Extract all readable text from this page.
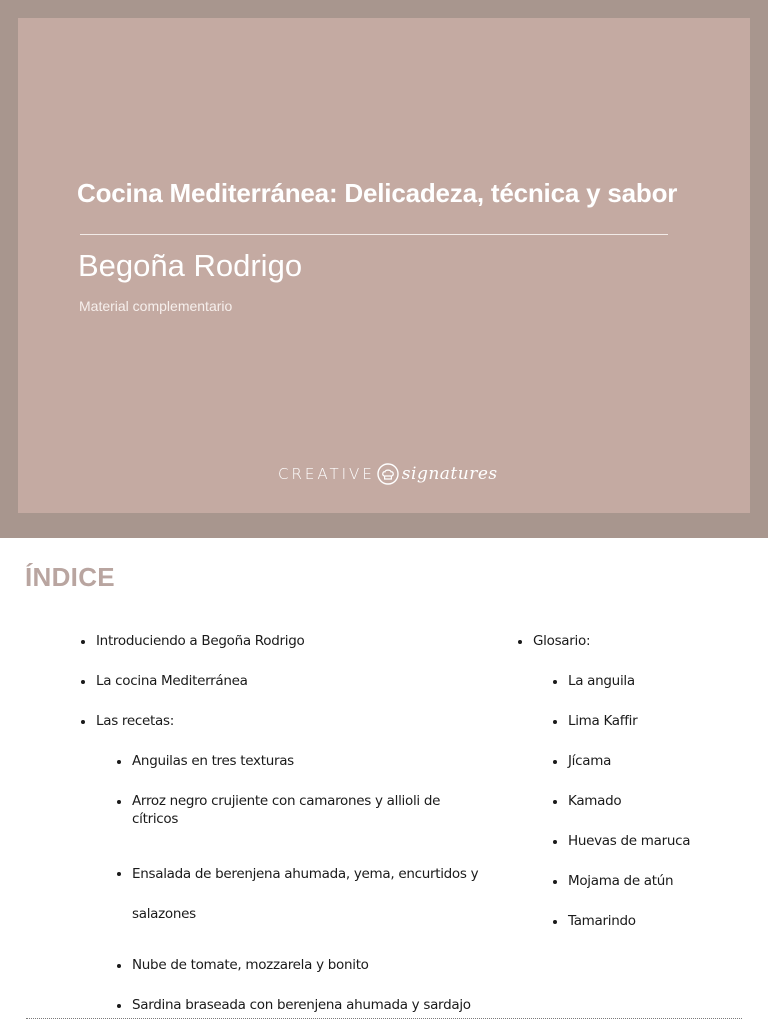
Cocina Mediterránea: Delicadeza, técnica y sabor
Begoña Rodrigo
Material complementario
CREATIVE signatures
ÍNDICE
Introduciendo a Begoña Rodrigo
La cocina Mediterránea
Las recetas:
Anguilas en tres texturas
Arroz negro crujiente con camarones y allioli de cítricos
Ensalada de berenjena ahumada, yema, encurtidos y salazones
Nube de tomate, mozzarela y bonito
Sardina braseada con berenjena ahumada y sardajo
Glosario:
La anguila
Lima Kaffir
Jícama
Kamado
Huevas de maruca
Mojama de atún
Tamarindo
